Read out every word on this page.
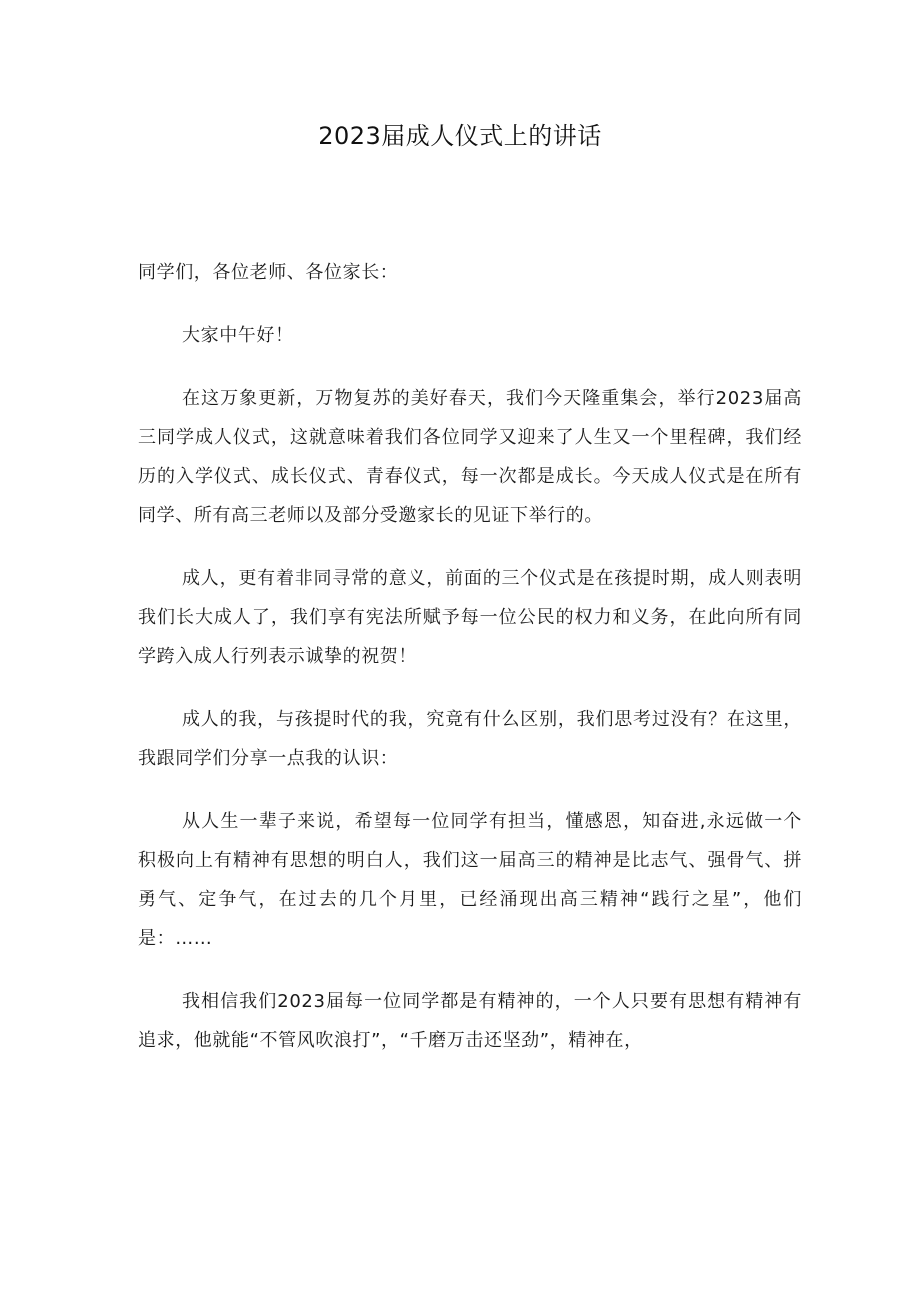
2023届成人仪式上的讲话

同学们，各位老师、各位家长：

大家中午好！

在这万象更新，万物复苏的美好春天，我们今天隆重集会，举行2023届高三同学成人仪式，这就意味着我们各位同学又迎来了人生又一个里程碑，我们经历的入学仪式、成长仪式、青春仪式，每一次都是成长。今天成人仪式是在所有同学、所有高三老师以及部分受邀家长的见证下举行的。

成人，更有着非同寻常的意义，前面的三个仪式是在孩提时期，成人则表明我们长大成人了，我们享有宪法所赋予每一位公民的权力和义务，在此向所有同学跨入成人行列表示诚挚的祝贺！

成人的我，与孩提时代的我，究竟有什么区别，我们思考过没有？在这里，我跟同学们分享一点我的认识：

从人生一辈子来说，希望每一位同学有担当，懂感恩，知奋进,永远做一个积极向上有精神有思想的明白人，我们这一届高三的精神是比志气、强骨气、拼勇气、定争气，在过去的几个月里，已经涌现出高三精神“践行之星”，他们是：……

我相信我们2023届每一位同学都是有精神的，一个人只要有思想有精神有追求，他就能“不管风吹浪打”，“千磨万击还坚劲”，精神在，
